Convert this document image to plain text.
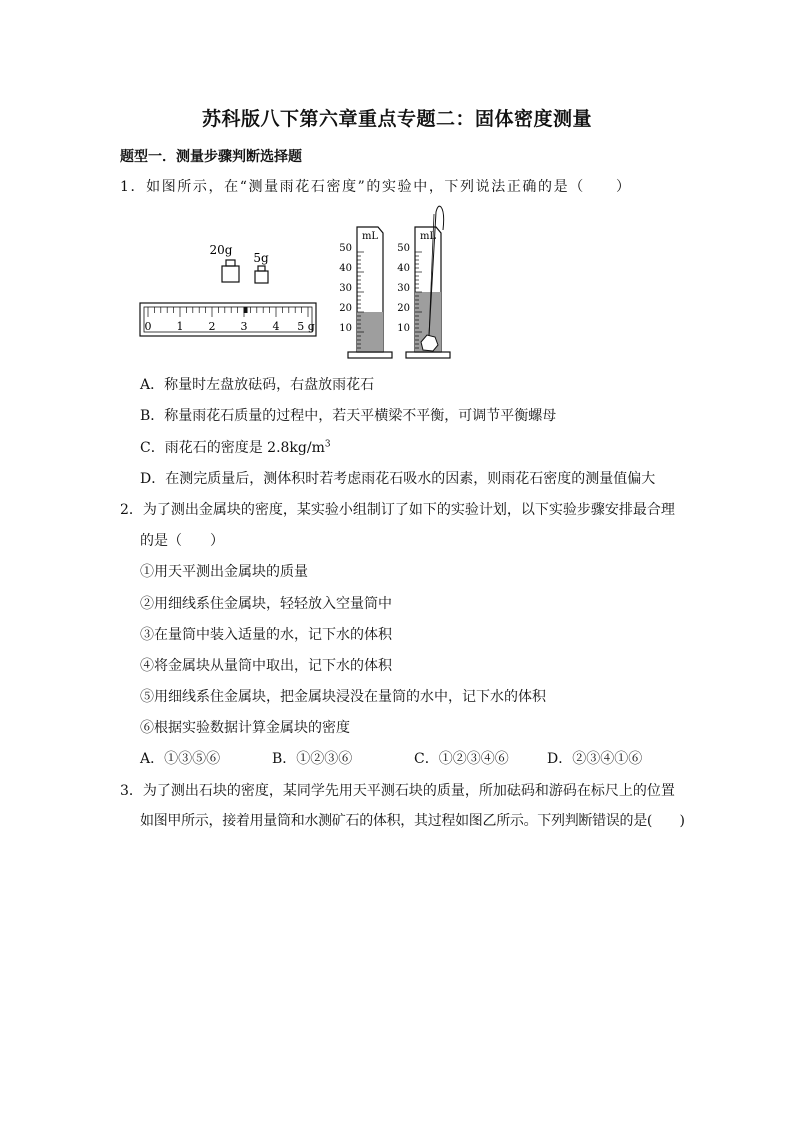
苏科版八下第六章重点专题二：固体密度测量
题型一．测量步骤判断选择题
1．如图所示，在“测量雨花石密度”的实验中，下列说法正确的是（　　）
20g
5g
0 1 2 3 4 5 g
mL
50
40
30
20
10
mL
50
40
30
20
10
A．称量时左盘放砝码，右盘放雨花石
B．称量雨花石质量的过程中，若天平横梁不平衡，可调节平衡螺母
C．雨花石的密度是 $2.8kg/m^3$
D．在测完质量后，测体积时若考虑雨花石吸水的因素，则雨花石密度的测量值偏大
2．为了测出金属块的密度，某实验小组制订了如下的实验计划，以下实验步骤安排最合理
的是（　　）
①用天平测出金属块的质量
②用细线系住金属块，轻轻放入空量筒中
③在量筒中装入适量的水，记下水的体积
④将金属块从量筒中取出，记下水的体积
⑤用细线系住金属块，把金属块浸没在量筒的水中，记下水的体积
⑥根据实验数据计算金属块的密度
A．①③⑤⑥	B．①②③⑥	C．①②③④⑥	D．②③④①⑥
3．为了测出石块的密度，某同学先用天平测石块的质量，所加砝码和游码在标尺上的位置
如图甲所示，接着用量筒和水测矿石的体积，其过程如图乙所示。下列判断错误的是(　　)
